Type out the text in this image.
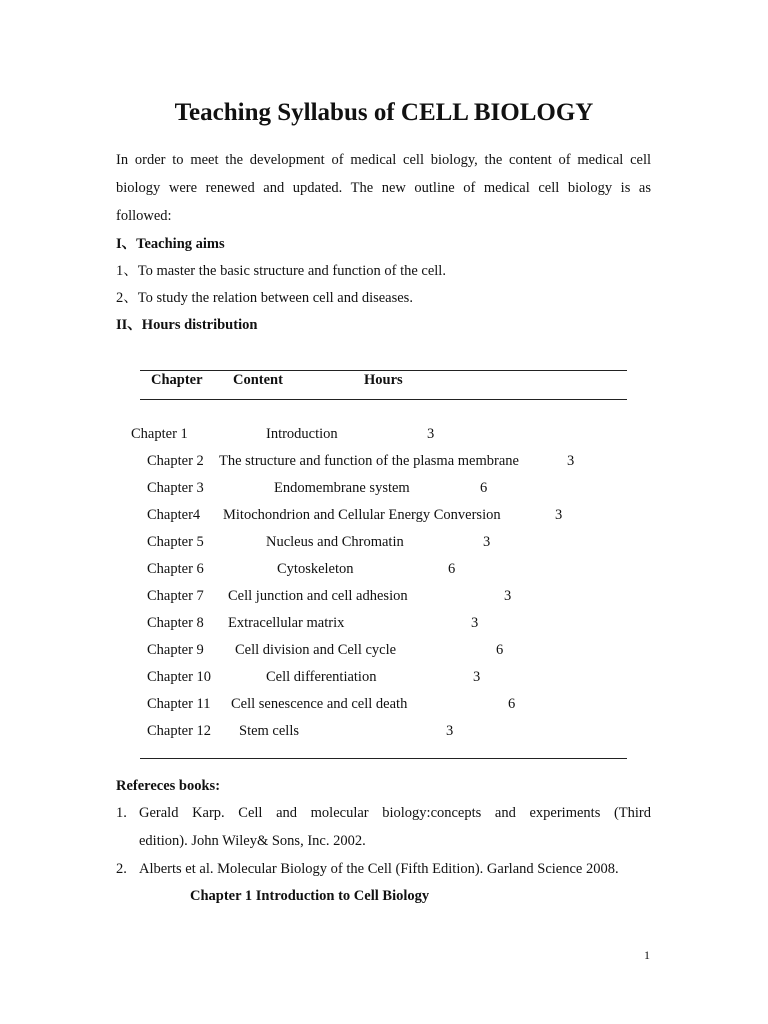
Teaching Syllabus of CELL BIOLOGY
In order to meet the development of medical cell biology, the content of medical cell
biology were renewed and updated. The new outline of medical cell biology is as
followed:
I、Teaching aims
1、To master the basic structure and function of the cell.
2、To study the relation between cell and diseases.
II、Hours distribution
Chapter Content	Hours
Chapter 1	Introduction	3
Chapter 2 The structure and function of the plasma membrane	3
Chapter 3	Endomembrane system	6
Chapter4 Mitochondrion and Cellular Energy Conversion	3
Chapter 5	Nucleus and Chromatin	3
Chapter 6	Cytoskeleton	6
Chapter 7 Cell junction and cell adhesion	3
Chapter 8 Extracellular matrix	3
Chapter 9 Cell division and Cell cycle	6
Chapter 10	Cell differentiation	3
Chapter 11 Cell senescence and cell death	6
Chapter 12 Stem cells	3
Refereces books:
1. Gerald Karp. Cell and molecular biology:concepts and experiments (Third
edition). John Wiley& Sons, Inc. 2002.
2. Alberts et al. Molecular Biology of the Cell (Fifth Edition). Garland Science 2008.
Chapter 1 Introduction to Cell Biology
1
